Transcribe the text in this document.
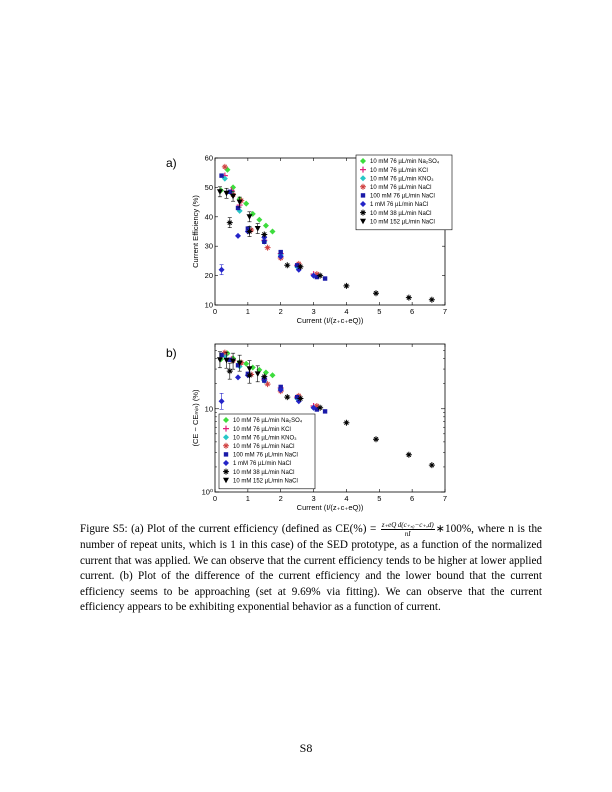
a)
b)
0	1	2	3	4	5	6	7
10
20
30
40
50
60
Current (I/(z₊c₊eQ))
Current Efficiency (%)
10 mM 76 µL/min Na₂SO₄
10 mM 76 µL/min KCl
10 mM 76 µL/min KNO₃
10 mM 76 µL/min NaCl
100 mM 76 µL/min NaCl
1 mM 76 µL/min NaCl
10 mM 38 µL/min NaCl
10 mM 152 µL/min NaCl
0	1	2	3	4	5	6	7
10⁰
10
Current (I/(z₊c₊eQ))
(CE − CEₘᵢₙ) (%)	10 mM 76 µL/min Na₂SO₄
10 mM 76 µL/min KCl
10 mM 76 µL/min KNO₃
10 mM 76 µL/min NaCl
100 mM 76 µL/min NaCl
1 mM 76 µL/min NaCl
10 mM 38 µL/min NaCl
10 mM 152 µL/min NaCl
Figure S5: (a) Plot of the current efficiency (defined as $CE(\%) = \frac{\text{z₊eQ d(c₊,₀−c₊,d)}}{nI}$ ∗100%, where n is the number of repeat units, which is 1 in this case) of the SED prototype, as a function of the normalized current that was applied. We can observe that the current efficiency tends to be higher at lower applied current. (b) Plot of the difference of the current efficiency and the lower bound that the current efficiency seems to be approaching (set at 9.69% via fitting). We can observe that the current efficiency appears to be exhibiting exponential behavior as a function of current.
S8
